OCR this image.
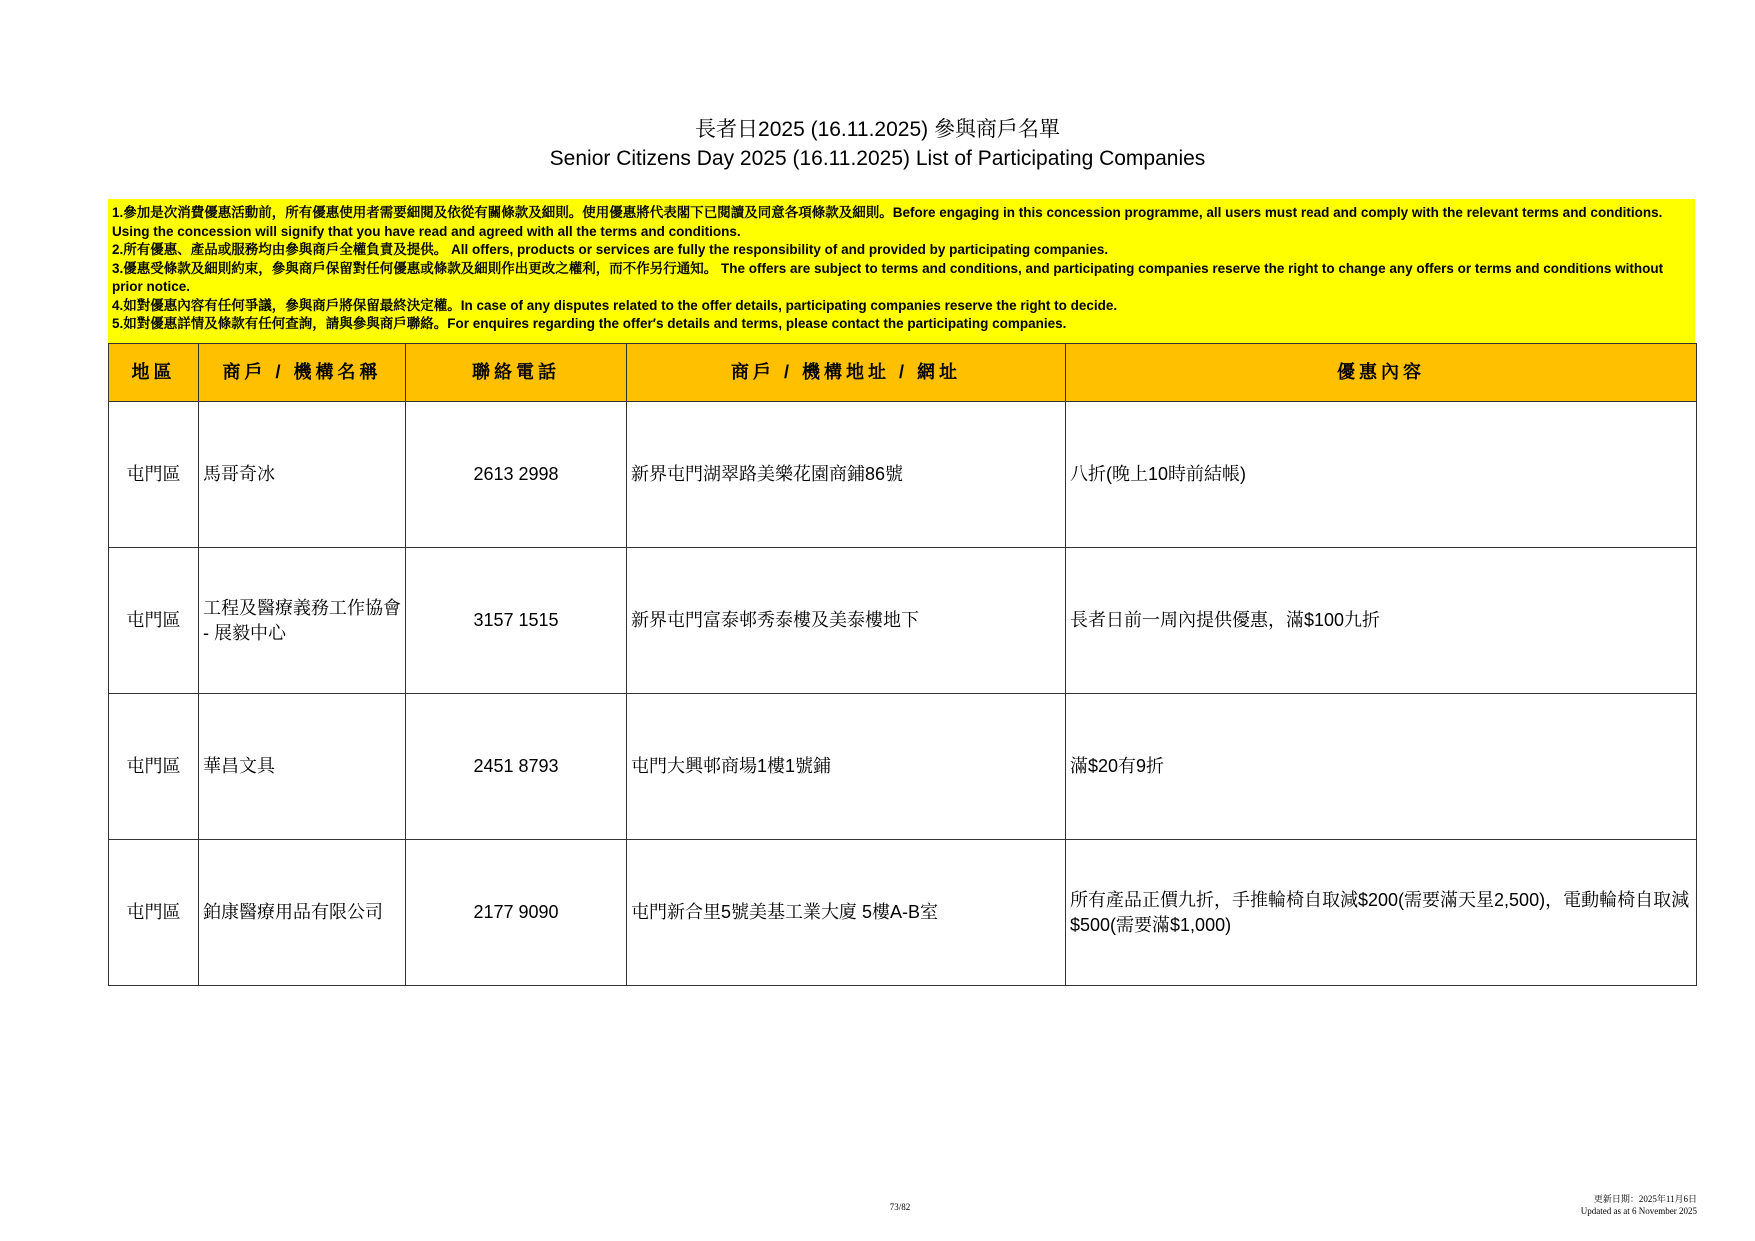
長者日2025 (16.11.2025) 參與商戶名單
Senior Citizens Day 2025 (16.11.2025) List of Participating Companies
1.參加是次消費優惠活動前，所有優惠使用者需要細閱及依從有關條款及細則。使用優惠將代表閣下已閱讀及同意各項條款及細則。Before engaging in this concession programme, all users must read and comply with the relevant terms and conditions. Using the concession will signify that you have read and agreed with all the terms and conditions.
2.所有優惠、產品或服務均由參與商戶全權負責及提供。 All offers, products or services are fully the responsibility of and provided by participating companies.
3.優惠受條款及細則約束，參與商戶保留對任何優惠或條款及細則作出更改之權利，而不作另行通知。 The offers are subject to terms and conditions, and participating companies reserve the right to change any offers or terms and conditions without prior notice.
4.如對優惠內容有任何爭議，參與商戶將保留最終決定權。In case of any disputes related to the offer details, participating companies reserve the right to decide.
5.如對優惠詳情及條款有任何查詢，請與參與商戶聯絡。For enquires regarding the offer′s details and terms, please contact the participating companies.
地區	商戶 / 機構名稱	聯絡電話	商戶 / 機構地址 / 網址	優惠內容
屯門區	馬哥奇冰	2613 2998	新界屯門湖翠路美樂花園商鋪86號	八折(晚上10時前結帳)
屯門區	工程及醫療義務工作協會 - 展毅中心	3157 1515	新界屯門富泰邨秀泰樓及美泰樓地下	長者日前一周內提供優惠，滿$100九折
屯門區	華昌文具	2451 8793	屯門大興邨商場1樓1號鋪	滿$20有9折
屯門區	鉑康醫療用品有限公司	2177 9090	屯門新合里5號美基工業大廈 5樓A-B室	所有產品正價九折，手推輪椅自取減$200(需要滿天星2,500)，電動輪椅自取減$500(需要滿$1,000)
73/82
更新日期：2025年11月6日
Updated as at 6 November 2025
